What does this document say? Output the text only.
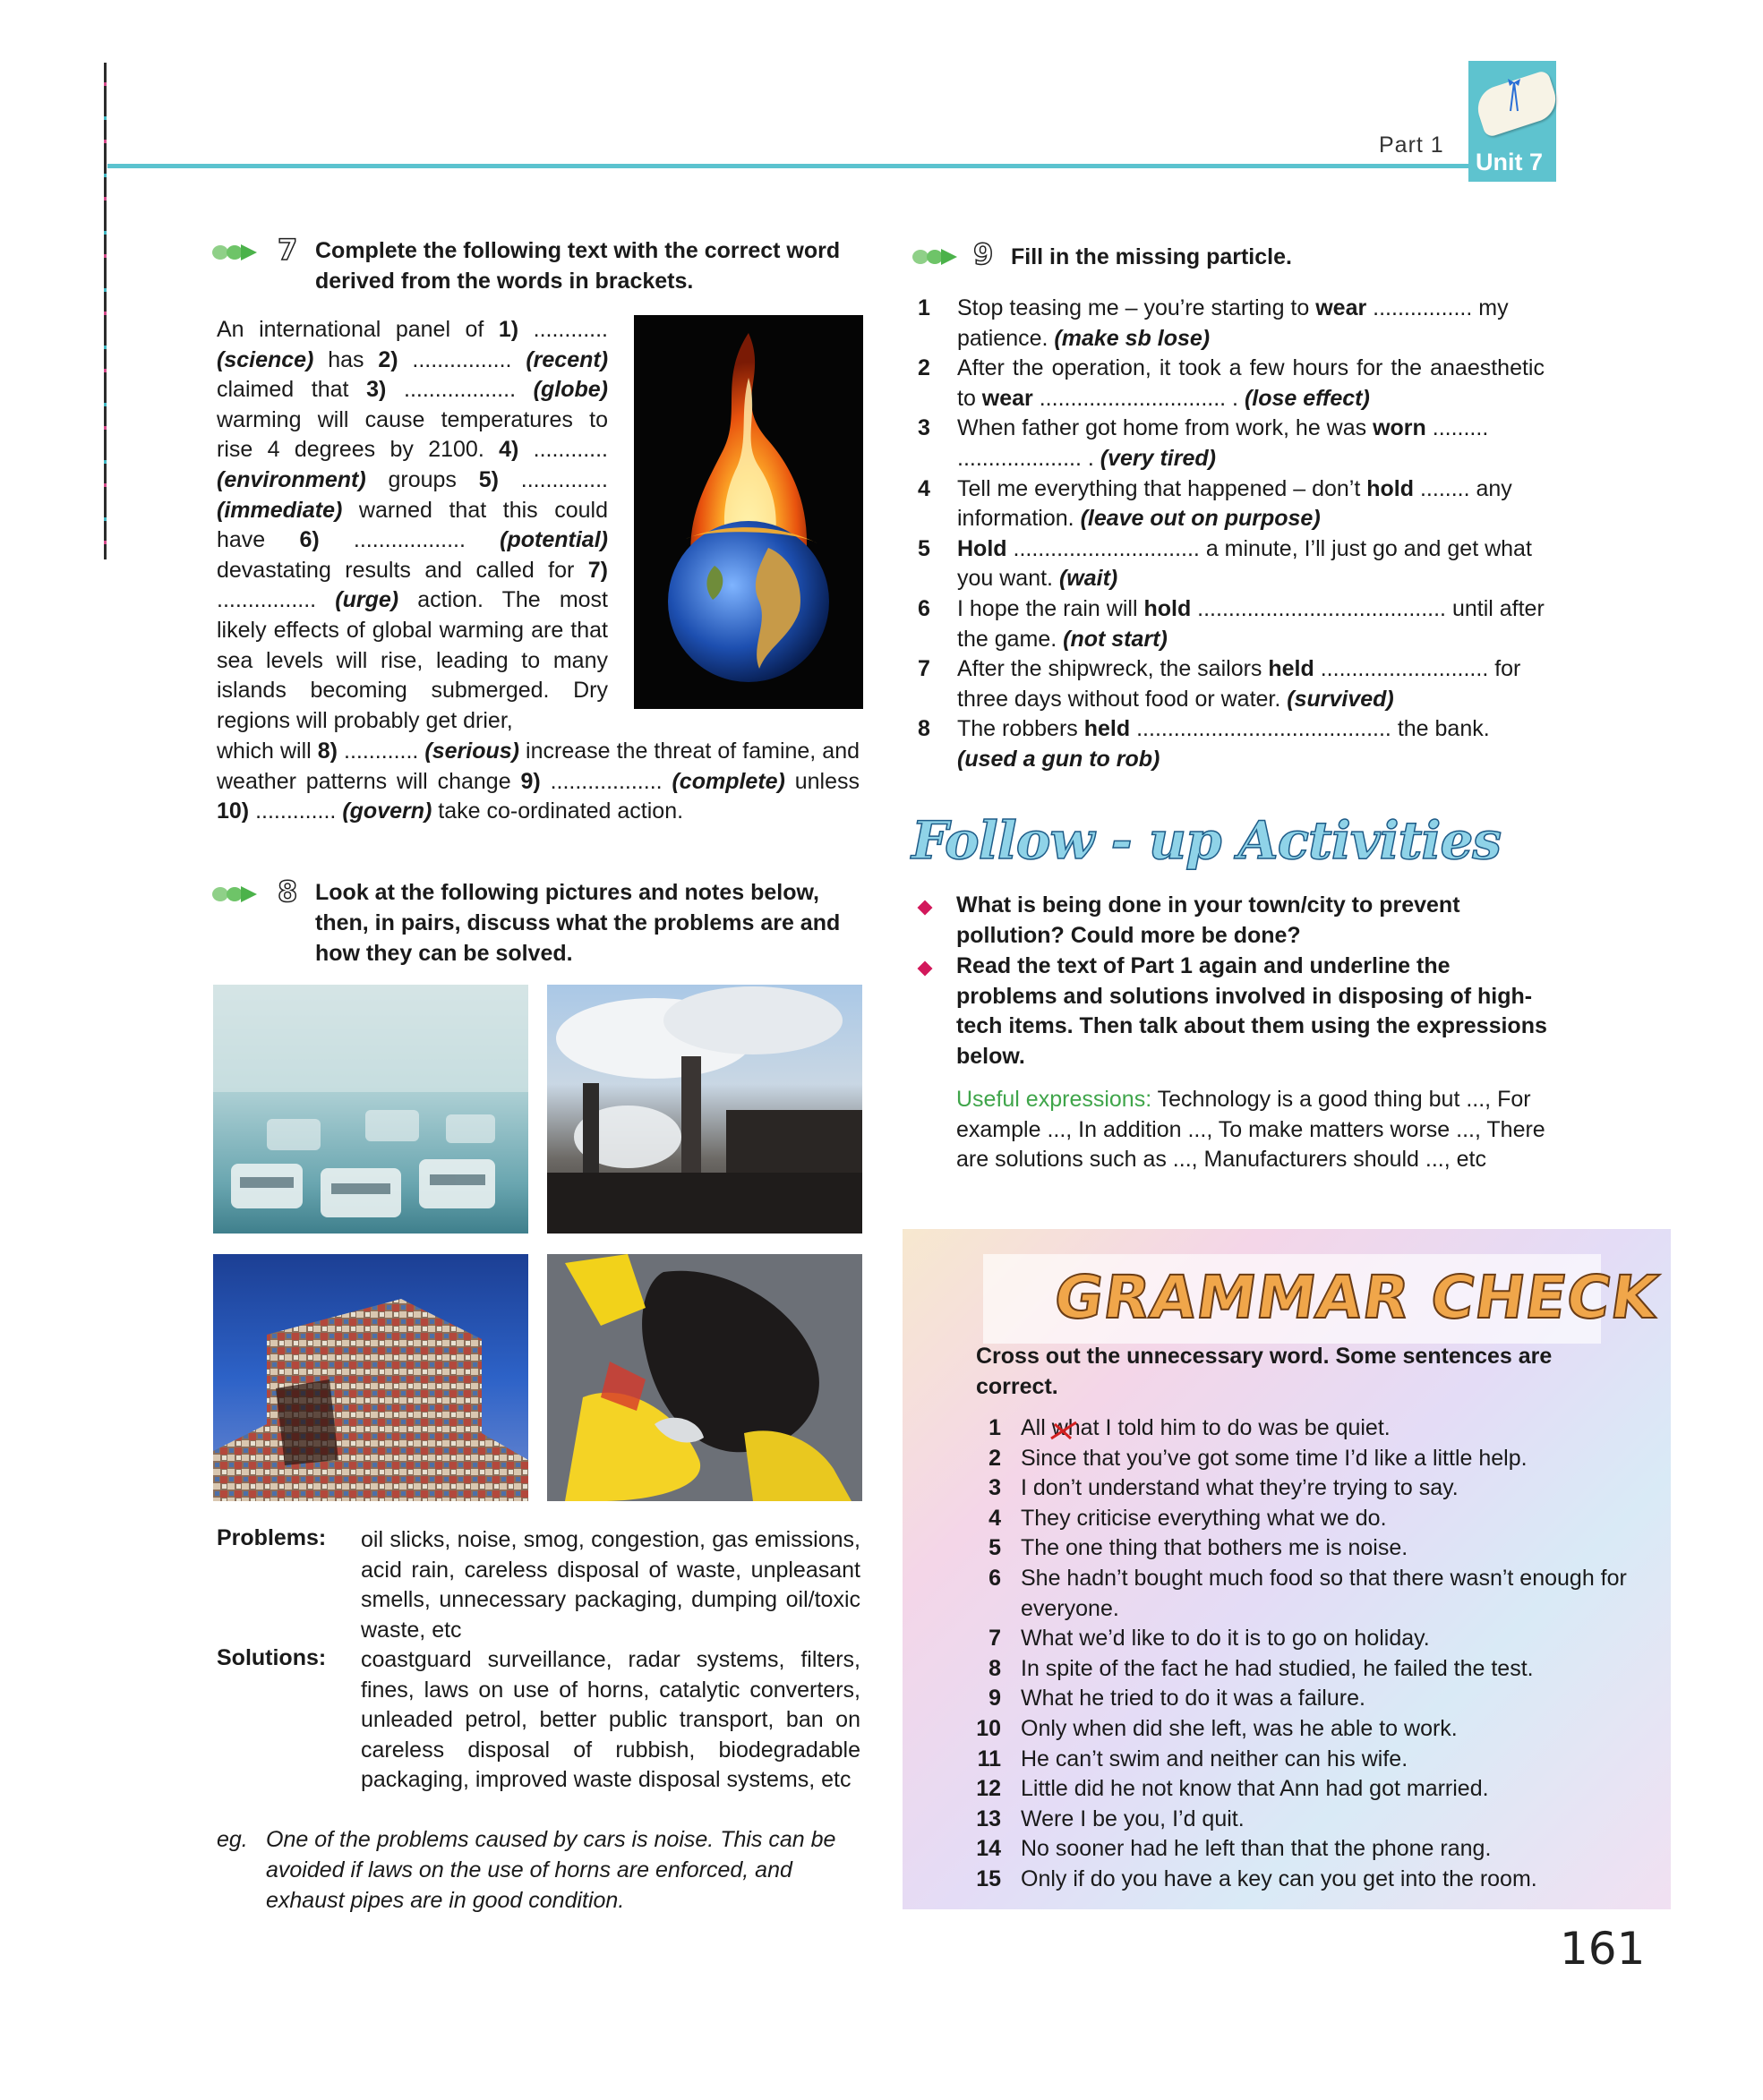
Part 1
Unit 7
7 Complete the following text with the correct word derived from the words in brackets.
An international panel of 1) ............ (science) has 2) ................ (recent) claimed that 3) .................. (globe) warming will cause temperatures to rise 4 degrees by 2100. 4) ............ (environment) groups 5) .............. (immediate) warned that this could have 6) .................. (potential) devastating results and called for 7) ................ (urge) action. The most likely effects of global warming are that sea levels will rise, leading to many islands becoming submerged. Dry regions will probably get drier,
which will 8) ............ (serious) increase the threat of famine, and weather patterns will change 9) .................. (complete) unless 10) ............. (govern) take co-ordinated action.
8 Look at the following pictures and notes below, then, in pairs, discuss what the problems are and how they can be solved.
Problems: oil slicks, noise, smog, congestion, gas emissions, acid rain, careless disposal of waste, unpleasant smells, unnecessary packaging, dumping oil/toxic waste, etc
Solutions: coastguard surveillance, radar systems, filters, fines, laws on use of horns, catalytic converters, unleaded petrol, better public transport, ban on careless disposal of rubbish, biodegradable packaging, improved waste disposal systems, etc
eg. One of the problems caused by cars is noise. This can be avoided if laws on the use of horns are enforced, and exhaust pipes are in good condition.
9 Fill in the missing particle.
1 Stop teasing me – you’re starting to wear ................ my patience. (make sb lose)
2 After the operation, it took a few hours for the anaesthetic to wear .............................. . (lose effect)
3 When father got home from work, he was worn ......... .................... . (very tired)
4 Tell me everything that happened – don’t hold ........ any information. (leave out on purpose)
5 Hold .............................. a minute, I’ll just go and get what you want. (wait)
6 I hope the rain will hold ........................................ until after the game. (not start)
7 After the shipwreck, the sailors held ........................... for three days without food or water. (survived)
8 The robbers held ......................................... the bank. (used a gun to rob)
Follow - up Activities
What is being done in your town/city to prevent pollution? Could more be done?
Read the text of Part 1 again and underline the problems and solutions involved in disposing of high-tech items. Then talk about them using the expressions below.
Useful expressions: Technology is a good thing but ..., For example ..., In addition ..., To make matters worse ..., There are solutions such as ..., Manufacturers should ..., etc
GRAMMAR CHECK
Cross out the unnecessary word. Some sentences are correct.
1 All what I told him to do was be quiet.
2 Since that you’ve got some time I’d like a little help.
3 I don’t understand what they’re trying to say.
4 They criticise everything what we do.
5 The one thing that bothers me is noise.
6 She hadn’t bought much food so that there wasn’t enough for everyone.
7 What we’d like to do it is to go on holiday.
8 In spite of the fact he had studied, he failed the test.
9 What he tried to do it was a failure.
10 Only when did she left, was he able to work.
11 He can’t swim and neither can his wife.
12 Little did he not know that Ann had got married.
13 Were I be you, I’d quit.
14 No sooner had he left than that the phone rang.
15 Only if do you have a key can you get into the room.
161
